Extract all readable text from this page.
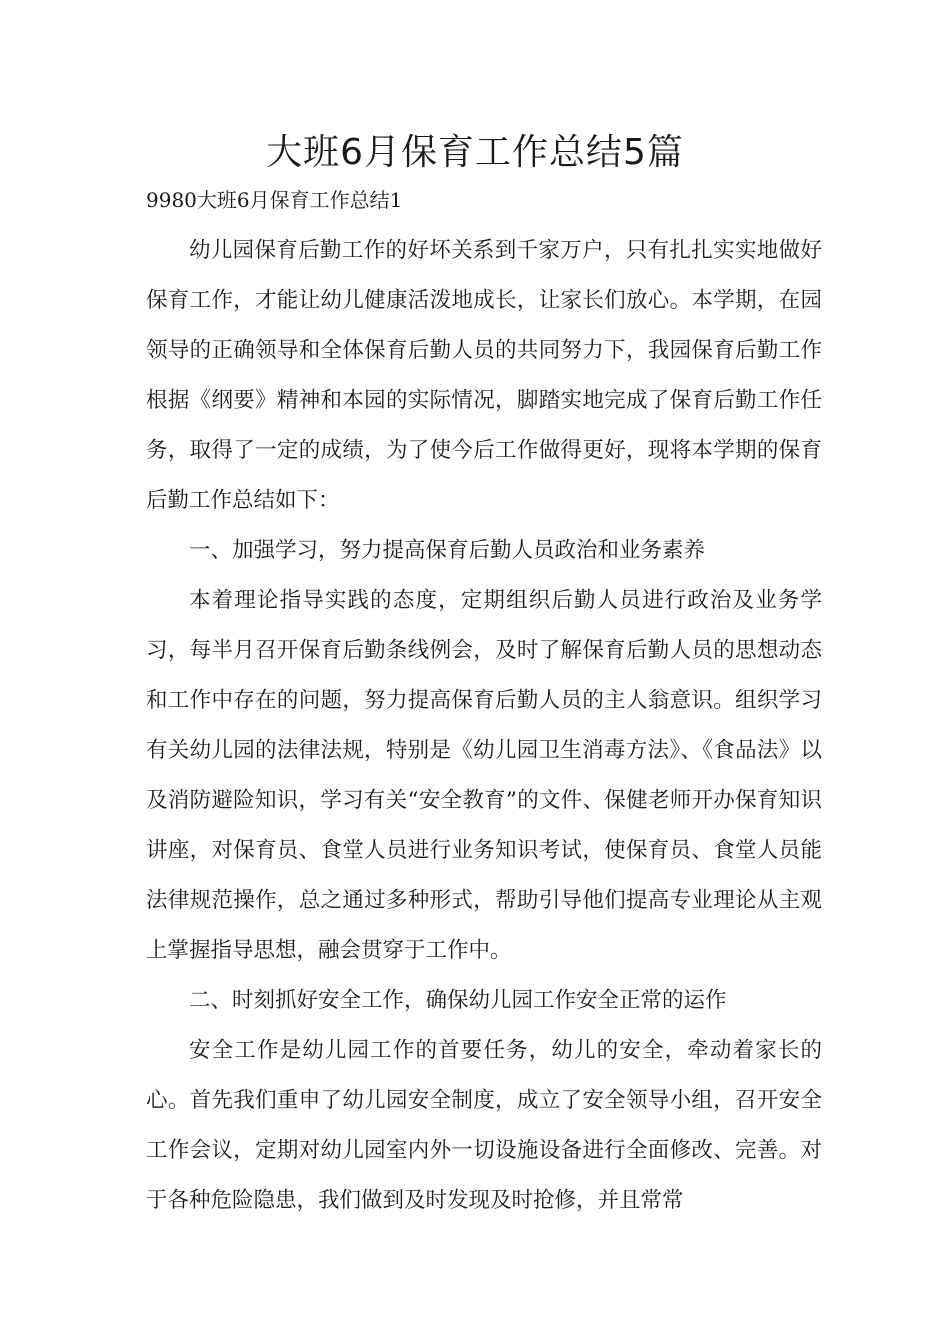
大班6月保育工作总结5篇

9980大班6月保育工作总结1

幼儿园保育后勤工作的好坏关系到千家万户，只有扎扎实实地做好保育工作，才能让幼儿健康活泼地成长，让家长们放心。本学期，在园领导的正确领导和全体保育后勤人员的共同努力下，我园保育后勤工作根据《纲要》精神和本园的实际情况，脚踏实地完成了保育后勤工作任务，取得了一定的成绩，为了使今后工作做得更好，现将本学期的保育后勤工作总结如下：

一、加强学习，努力提高保育后勤人员政治和业务素养

本着理论指导实践的态度，定期组织后勤人员进行政治及业务学习，每半月召开保育后勤条线例会，及时了解保育后勤人员的思想动态和工作中存在的问题，努力提高保育后勤人员的主人翁意识。组织学习有关幼儿园的法律法规，特别是《幼儿园卫生消毒方法》、《食品法》以及消防避险知识，学习有关“安全教育”的文件、保健老师开办保育知识讲座，对保育员、食堂人员进行业务知识考试，使保育员、食堂人员能法律规范操作，总之通过多种形式，帮助引导他们提高专业理论从主观上掌握指导思想，融会贯穿于工作中。

二、时刻抓好安全工作，确保幼儿园工作安全正常的运作

安全工作是幼儿园工作的首要任务，幼儿的安全，牵动着家长的心。首先我们重申了幼儿园安全制度，成立了安全领导小组，召开安全工作会议，定期对幼儿园室内外一切设施设备进行全面修改、完善。对于各种危险隐患，我们做到及时发现及时抢修，并且常常
